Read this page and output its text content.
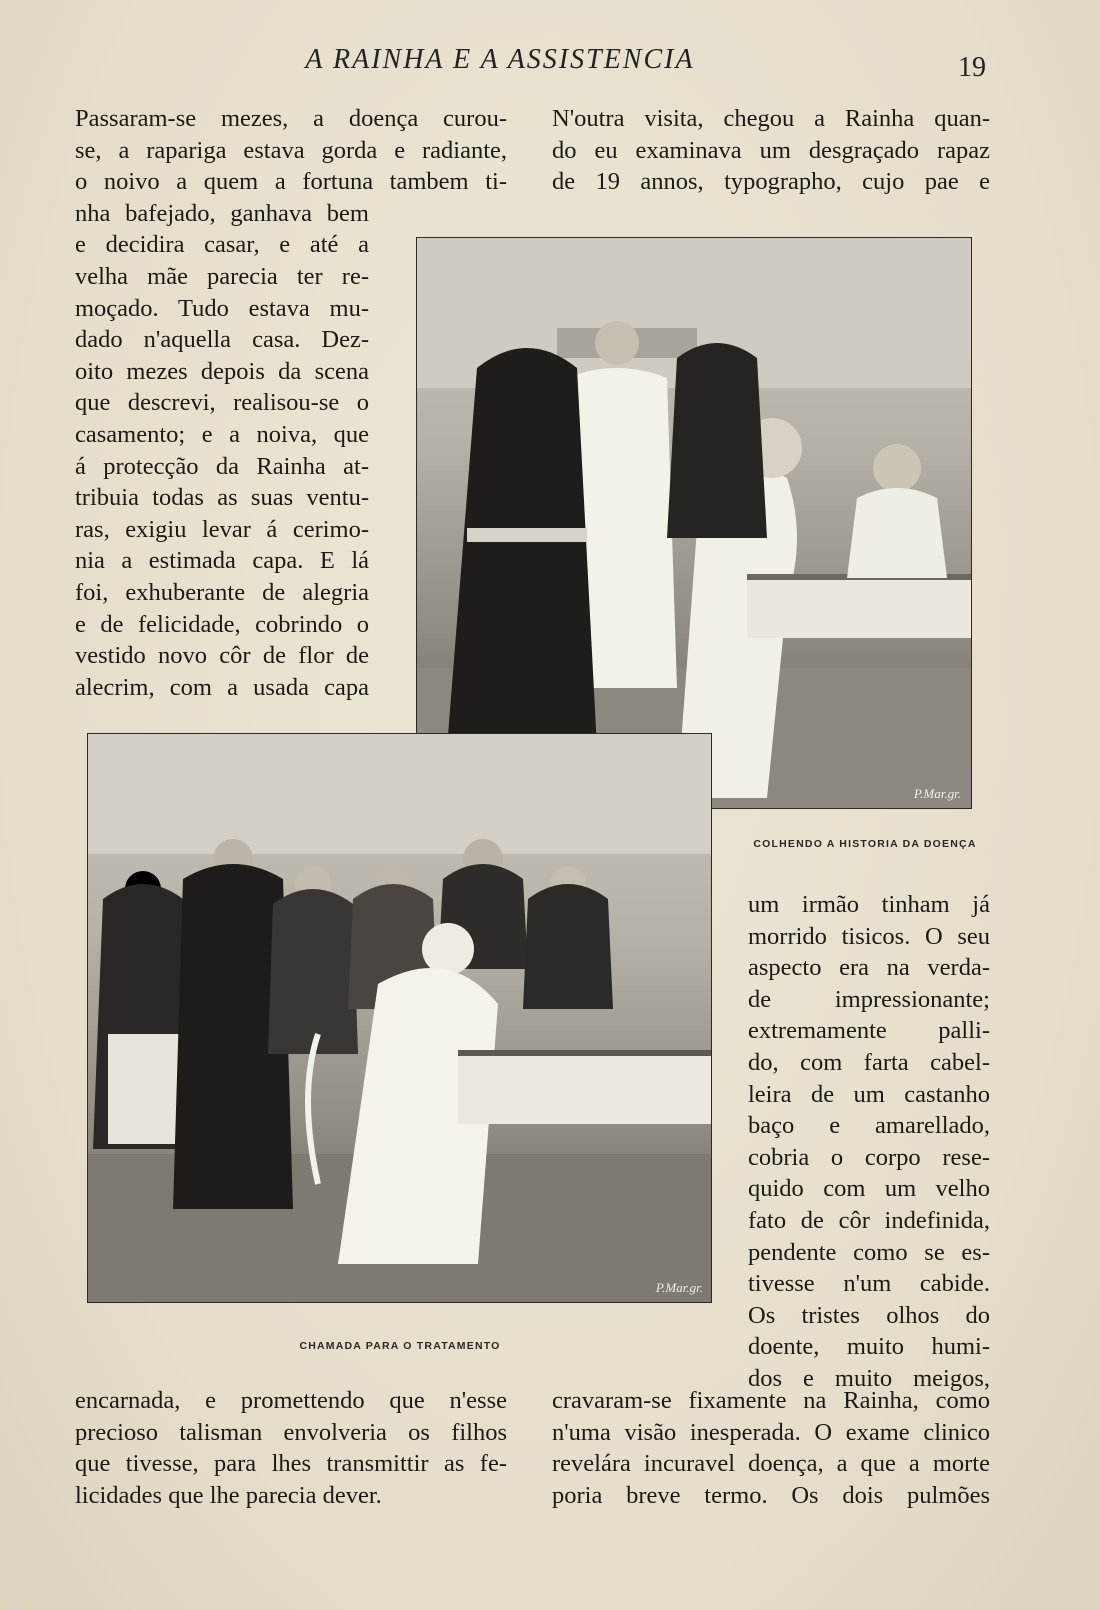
A RAINHA E A ASSISTENCIA	19
Passaram-se mezes, a doença curou-
se, a rapariga estava gorda e radiante,
o noivo a quem a fortuna tambem ti-
nha bafejado, ganhava bem
e decidira casar, e até a
velha mãe parecia ter re-
moçado. Tudo estava mu-
dado n'aquella casa. Dez-
oito mezes depois da scena
que descrevi, realisou-se o
casamento; e a noiva, que
á protecção da Rainha at-
tribuia todas as suas ventu-
ras, exigiu levar á cerimo-
nia a estimada capa. E lá
foi, exhuberante de alegria
e de felicidade, cobrindo o
vestido novo côr de flor de
alecrim, com a usada capa
N'outra visita, chegou a Rainha quan-
do eu examinava um desgraçado rapaz
de 19 annos, typographo, cujo pae e
P.Mar.gr.
COLHENDO A HISTORIA DA DOENÇA
P.Mar.gr.
CHAMADA PARA O TRATAMENTO
um irmão tinham já
morrido tisicos. O seu
aspecto era na verda-
de impressionante;
extremamente palli-
do, com farta cabel-
leira de um castanho
baço e amarellado,
cobria o corpo rese-
quido com um velho
fato de côr indefinida,
pendente como se es-
tivesse n'um cabide.
Os tristes olhos do
doente, muito humi-
dos e muito meigos,
cravaram-se fixamente na Rainha, como
n'uma visão inesperada. O exame clinico
revelára incuravel doença, a que a morte
poria breve termo. Os dois pulmões
encarnada, e promettendo que n'esse
precioso talisman envolveria os filhos
que tivesse, para lhes transmittir as fe-
licidades que lhe parecia dever.
